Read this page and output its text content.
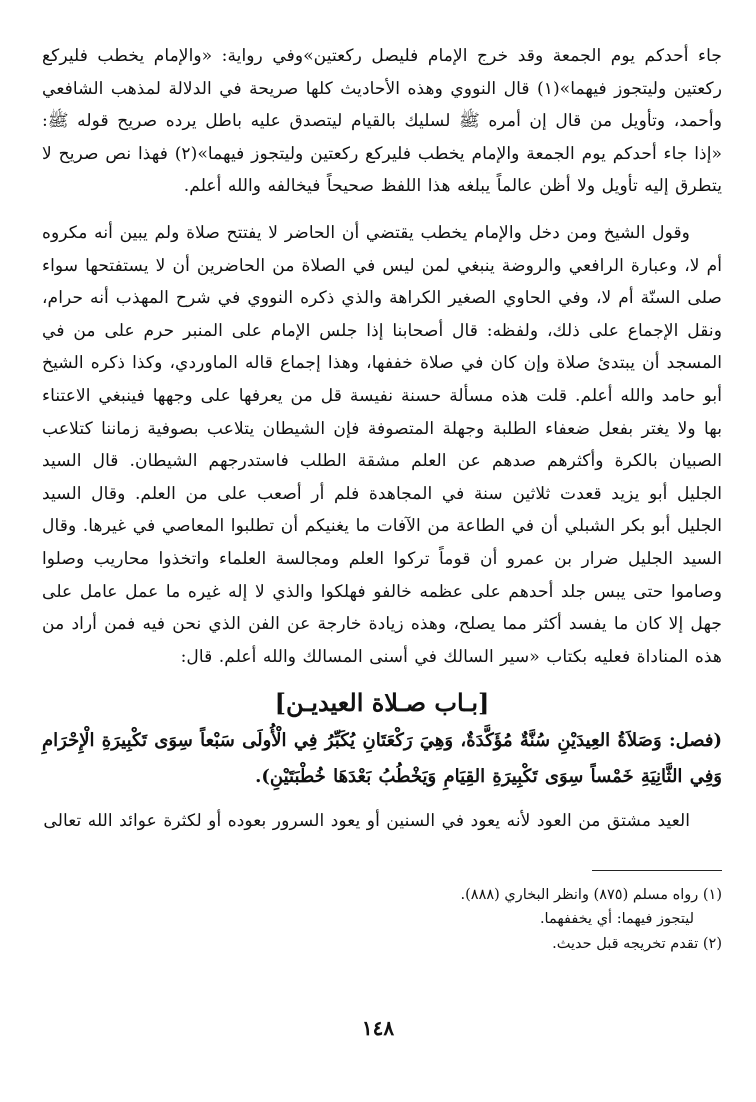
جاء أحدكم يوم الجمعة وقد خرج الإمام فليصل ركعتين»وفي رواية: «والإمام يخطب فليركع ركعتين وليتجوز فيهما»(١) قال النووي وهذه الأحاديث كلها صريحة في الدلالة لمذهب الشافعي وأحمد، وتأويل من قال إن أمره ﷺ لسليك بالقيام ليتصدق عليه باطل يرده صريح قوله ﷺ: «إذا جاء أحدكم يوم الجمعة والإمام يخطب فليركع ركعتين وليتجوز فيهما»(٢) فهذا نص صريح لا يتطرق إليه تأويل ولا أظن عالماً يبلغه هذا اللفظ صحيحاً فيخالفه والله أعلم.

وقول الشيخ ومن دخل والإمام يخطب يقتضي أن الحاضر لا يفتتح صلاة ولم يبين أنه مكروه أم لا، وعبارة الرافعي والروضة ينبغي لمن ليس في الصلاة من الحاضرين أن لا يستفتحها سواء صلى السنّة أم لا، وفي الحاوي الصغير الكراهة والذي ذكره النووي في شرح المهذب أنه حرام، ونقل الإجماع على ذلك، ولفظه: قال أصحابنا إذا جلس الإمام على المنبر حرم على من في المسجد أن يبتدئ صلاة وإن كان في صلاة خففها، وهذا إجماع قاله الماوردي، وكذا ذكره الشيخ أبو حامد والله أعلم. قلت هذه مسألة حسنة نفيسة قل من يعرفها على وجهها فينبغي الاعتناء بها ولا يغتر بفعل ضعفاء الطلبة وجهلة المتصوفة فإن الشيطان يتلاعب بصوفية زماننا كتلاعب الصبيان بالكرة وأكثرهم صدهم عن العلم مشقة الطلب فاستدرجهم الشيطان. قال السيد الجليل أبو يزيد قعدت ثلاثين سنة في المجاهدة فلم أر أصعب على من العلم. وقال السيد الجليل أبو بكر الشبلي أن في الطاعة من الآفات ما يغنيكم أن تطلبوا المعاصي في غيرها. وقال السيد الجليل ضرار بن عمرو أن قوماً تركوا العلم ومجالسة العلماء واتخذوا محاريب وصلوا وصاموا حتى يبس جلد أحدهم على عظمه خالفو فهلكوا والذي لا إله غيره ما عمل عامل على جهل إلا كان ما يفسد أكثر مما يصلح، وهذه زيادة خارجة عن الفن الذي نحن فيه فمن أراد من هذه المناداة فعليه بكتاب «سير السالك في أسنى المسالك والله أعلم. قال:

[بـاب صـلاة العيديـن]

(فصل: وَصَلاَةُ العِيدَيْنِ سُنَّةٌ مُؤَكَّدَةٌ، وَهِيَ رَكْعَتَانِ يُكَبِّرُ فِي الْأُولَى سَبْعاً سِوَى تَكْبِيرَةِ الْإِحْرَامِ وَفِي الثَّانِيَةِ خَمْساً سِوَى تَكْبِيرَةِ القِيَامِ وَيَخْطُبُ بَعْدَهَا خُطْبَتَيْنِ).

العيد مشتق من العود لأنه يعود في السنين أو يعود السرور بعوده أو لكثرة عوائد الله تعالى

(١) رواه مسلم (٨٧٥) وانظر البخاري (٨٨٨).

ليتجوز فيهما: أي يخففهما.

(٢) تقدم تخريجه قبل حديث.

١٤٨
